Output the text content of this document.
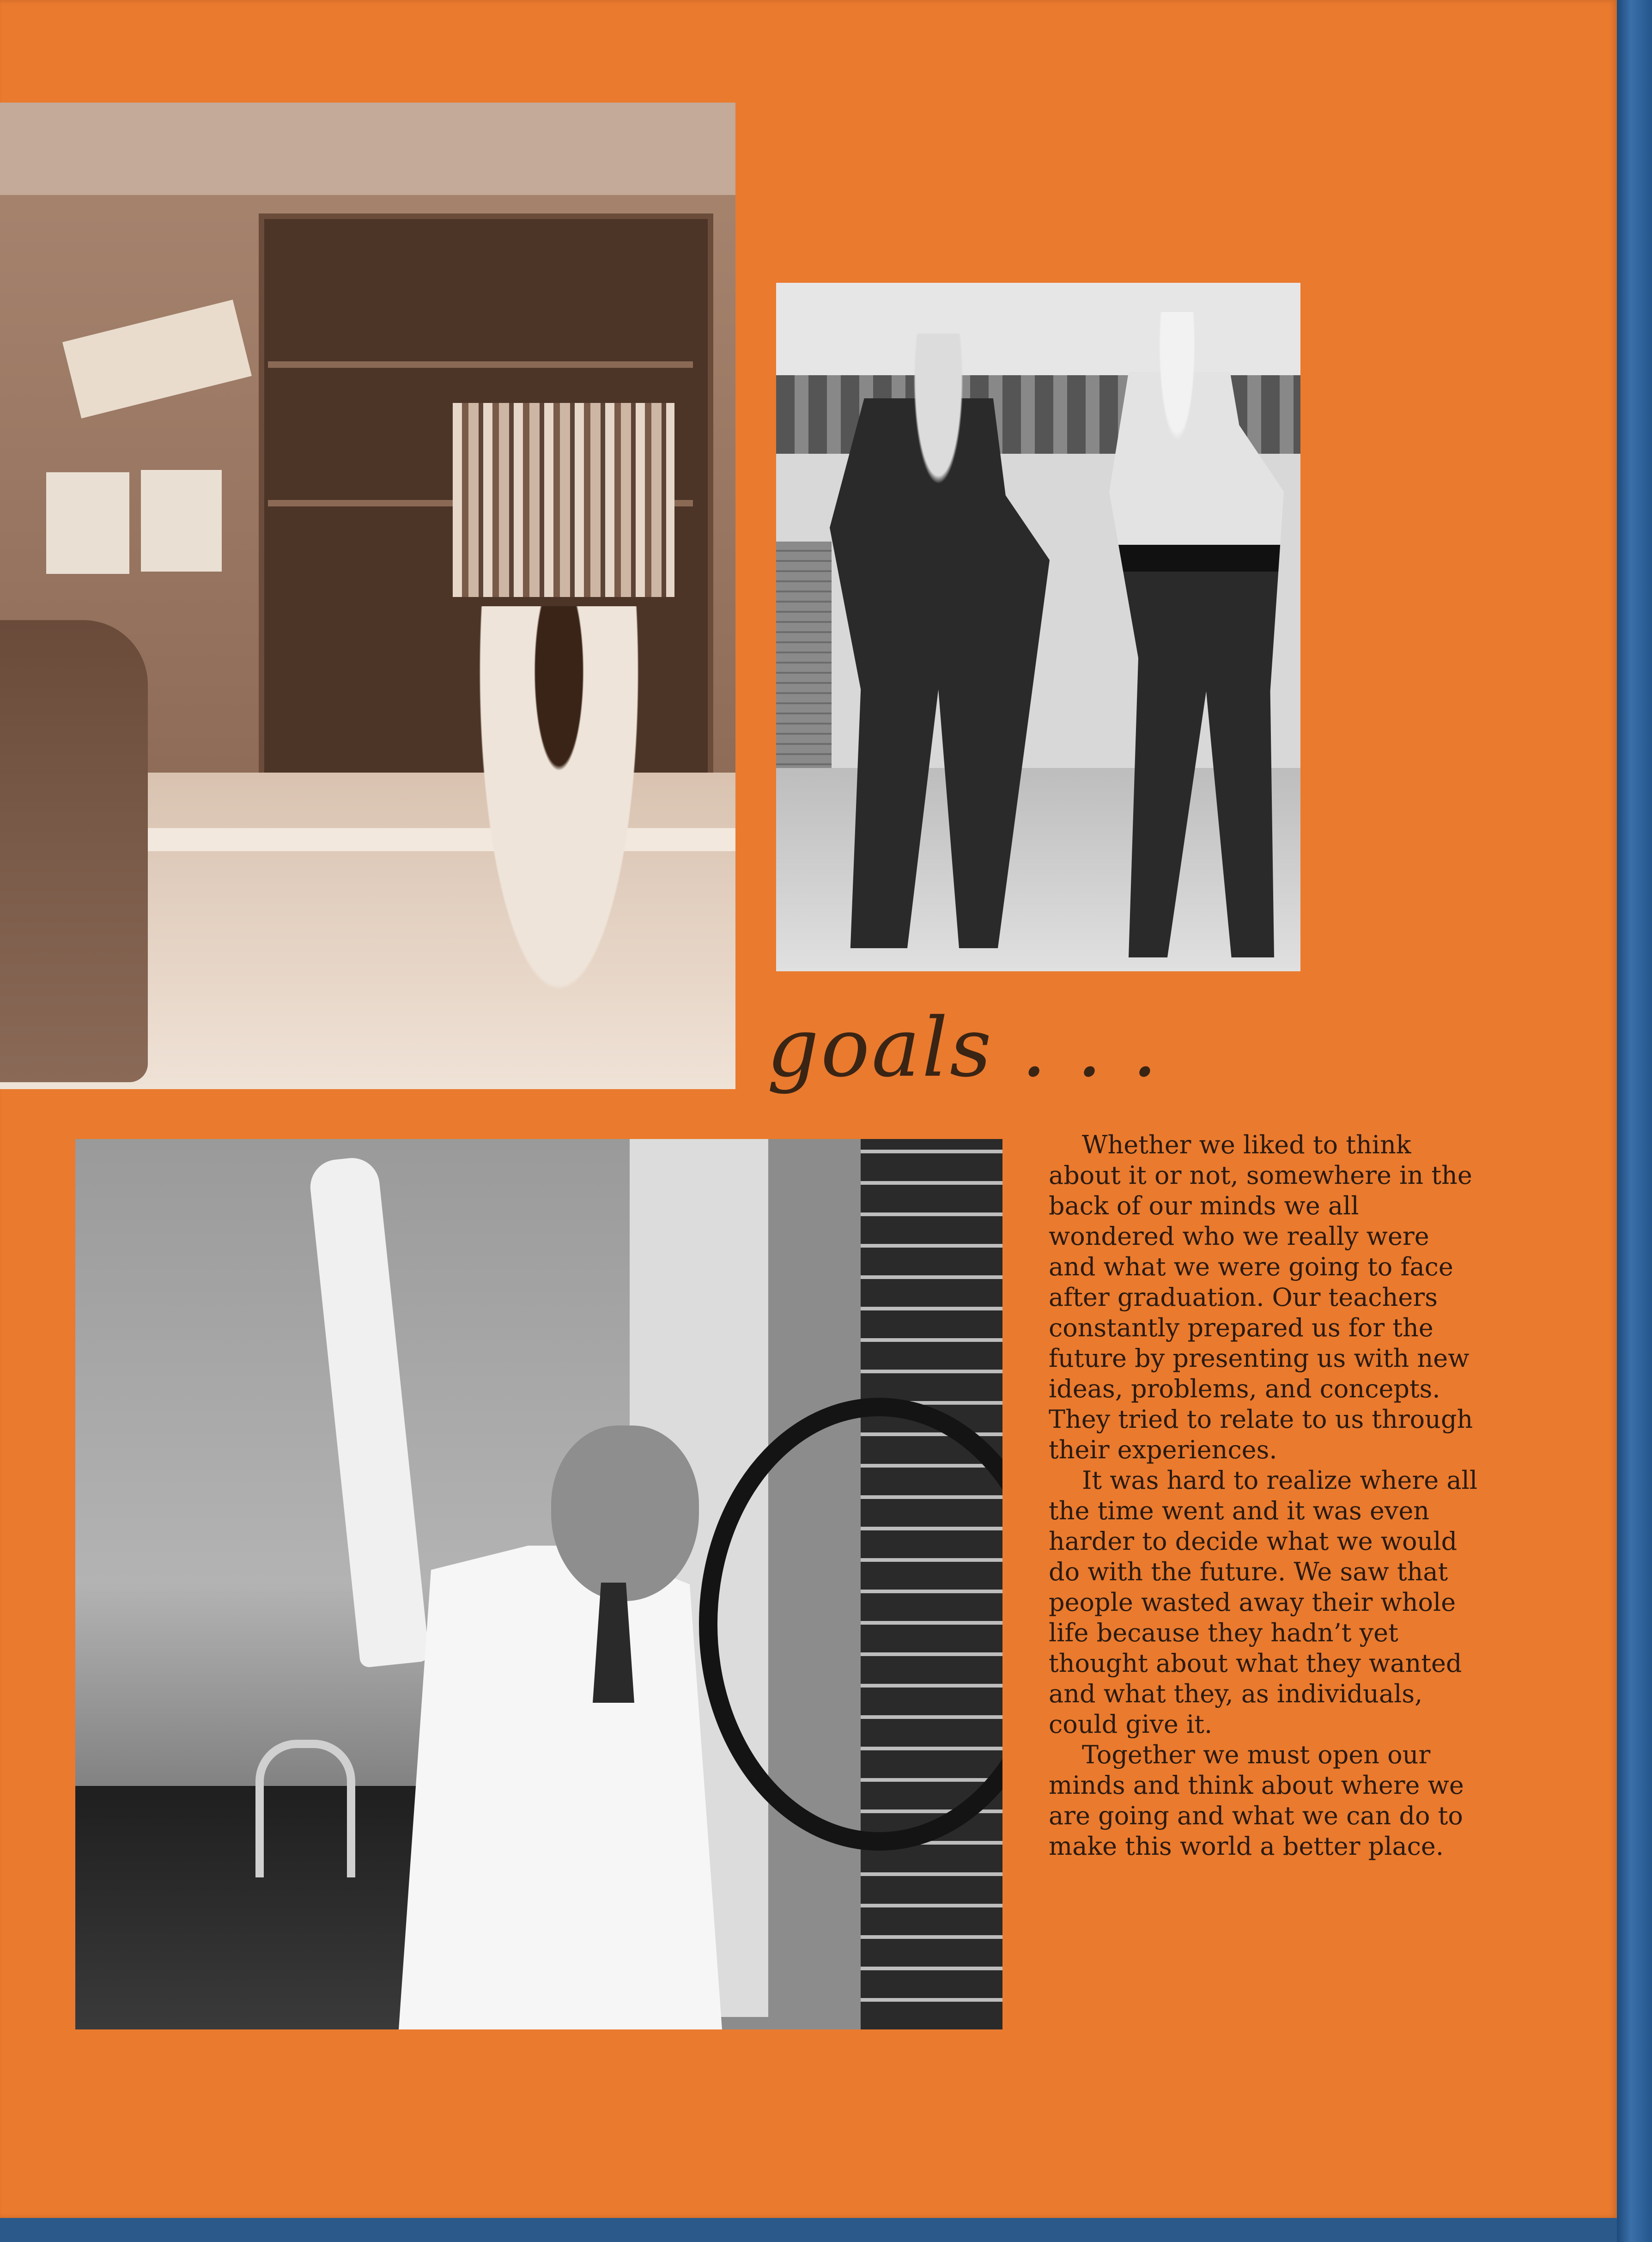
goals . . .

Whether we liked to think about it or not, somewhere in the back of our minds we all wondered who we really were and what we were going to face after graduation. Our teachers constantly prepared us for the future by presenting us with new ideas, problems, and concepts. They tried to relate to us through their experiences.

It was hard to realize where all the time went and it was even harder to decide what we would do with the future. We saw that people wasted away their whole life because they hadn’t yet thought about what they wanted and what they, as individuals, could give it.

Together we must open our minds and think about where we are going and what we can do to make this world a better place.
